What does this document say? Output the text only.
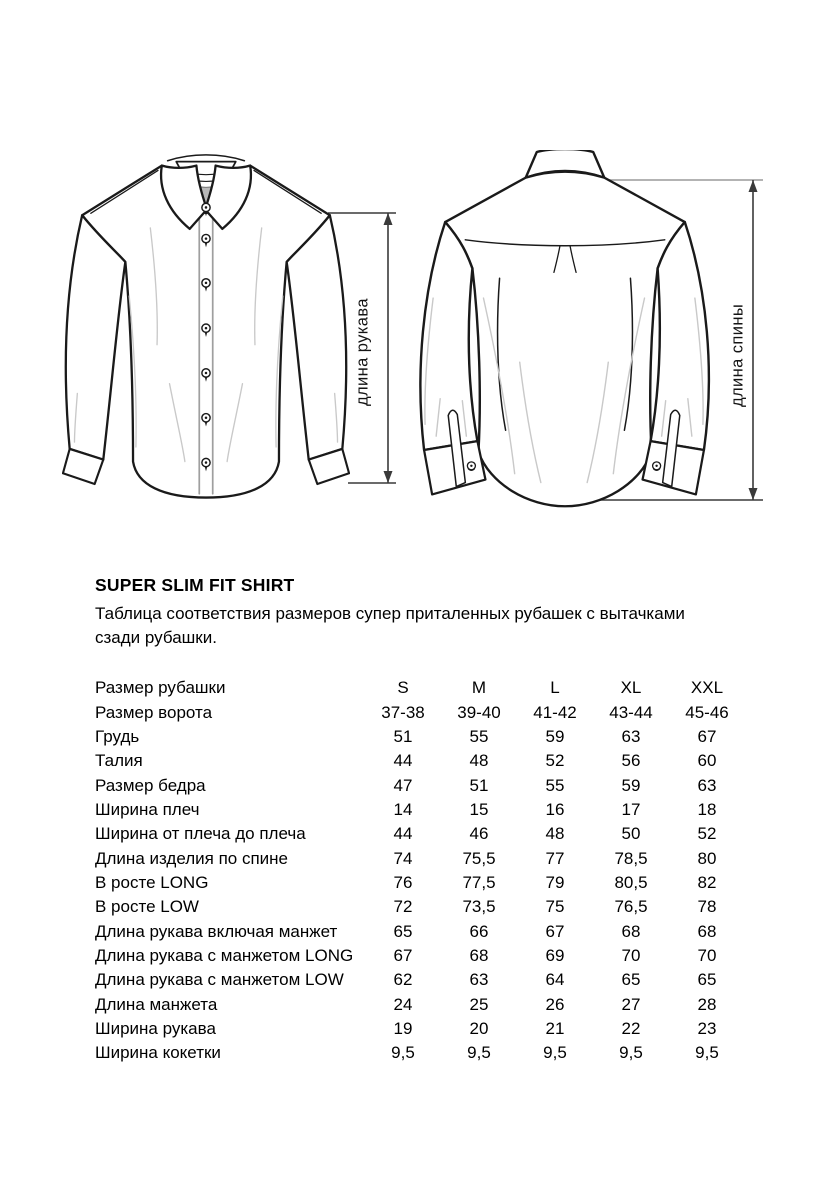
длина рукава	длина спины
SUPER SLIM FIT SHIRT

Таблица соответствия размеров супер приталенных рубашек с вытачками
сзади рубашки.

Размер рубашки	S	M	L	XL	XXL
Размер ворота	37-38	39-40	41-42	43-44	45-46
Грудь	51	55	59	63	67
Талия	44	48	52	56	60
Размер бедра	47	51	55	59	63
Ширина плеч	14	15	16	17	18
Ширина от плеча до плеча	44	46	48	50	52
Длина изделия по спине	74	75,5	77	78,5	80
В росте LONG	76	77,5	79	80,5	82
В росте LOW	72	73,5	75	76,5	78
Длина рукава включая манжет	65	66	67	68	68
Длина рукава с манжетом LONG	67	68	69	70	70
Длина рукава с манжетом LOW	62	63	64	65	65
Длина манжета	24	25	26	27	28
Ширина рукава	19	20	21	22	23
Ширина кокетки	9,5	9,5	9,5	9,5	9,5
